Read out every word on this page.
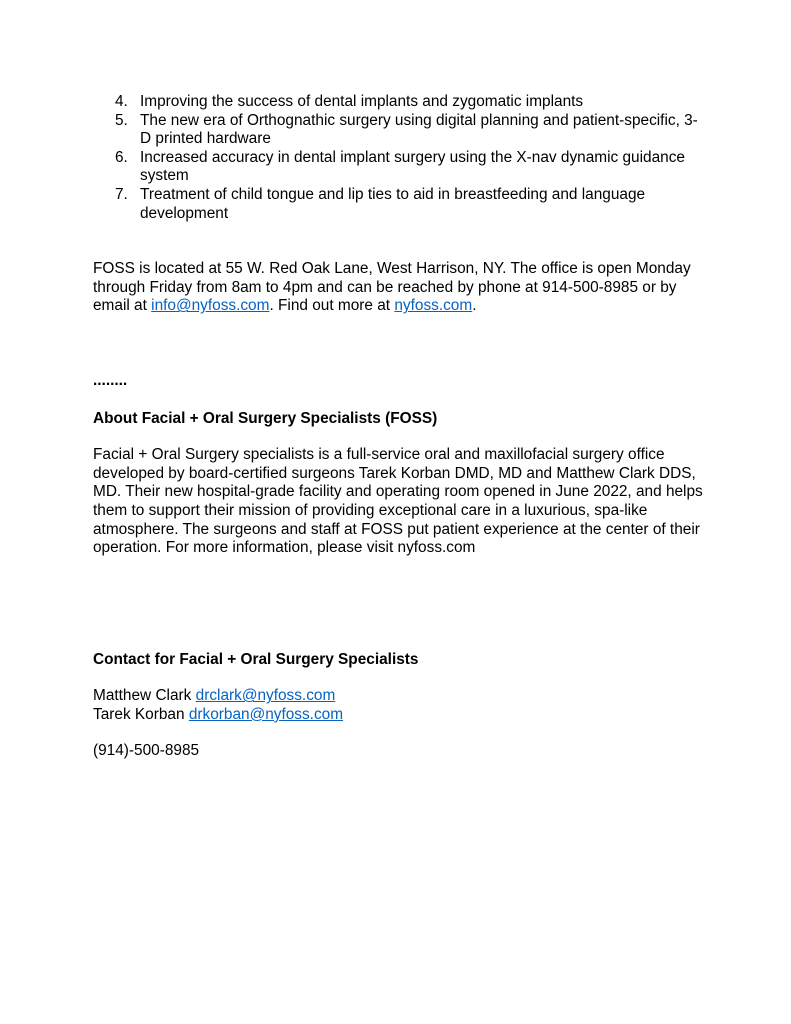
4. Improving the success of dental implants and zygomatic implants
5. The new era of Orthognathic surgery using digital planning and patient-specific, 3-D printed hardware
6. Increased accuracy in dental implant surgery using the X-nav dynamic guidance system
7. Treatment of child tongue and lip ties to aid in breastfeeding and language development

FOSS is located at 55 W. Red Oak Lane, West Harrison, NY. The office is open Monday through Friday from 8am to 4pm and can be reached by phone at 914-500-8985 or by email at info@nyfoss.com. Find out more at nyfoss.com.

........

About Facial + Oral Surgery Specialists (FOSS)

Facial + Oral Surgery specialists is a full-service oral and maxillofacial surgery office developed by board-certified surgeons Tarek Korban DMD, MD and Matthew Clark DDS, MD. Their new hospital-grade facility and operating room opened in June 2022, and helps them to support their mission of providing exceptional care in a luxurious, spa-like atmosphere. The surgeons and staff at FOSS put patient experience at the center of their operation. For more information, please visit nyfoss.com

Contact for Facial + Oral Surgery Specialists

Matthew Clark drclark@nyfoss.com

Tarek Korban drkorban@nyfoss.com

(914)-500-8985
